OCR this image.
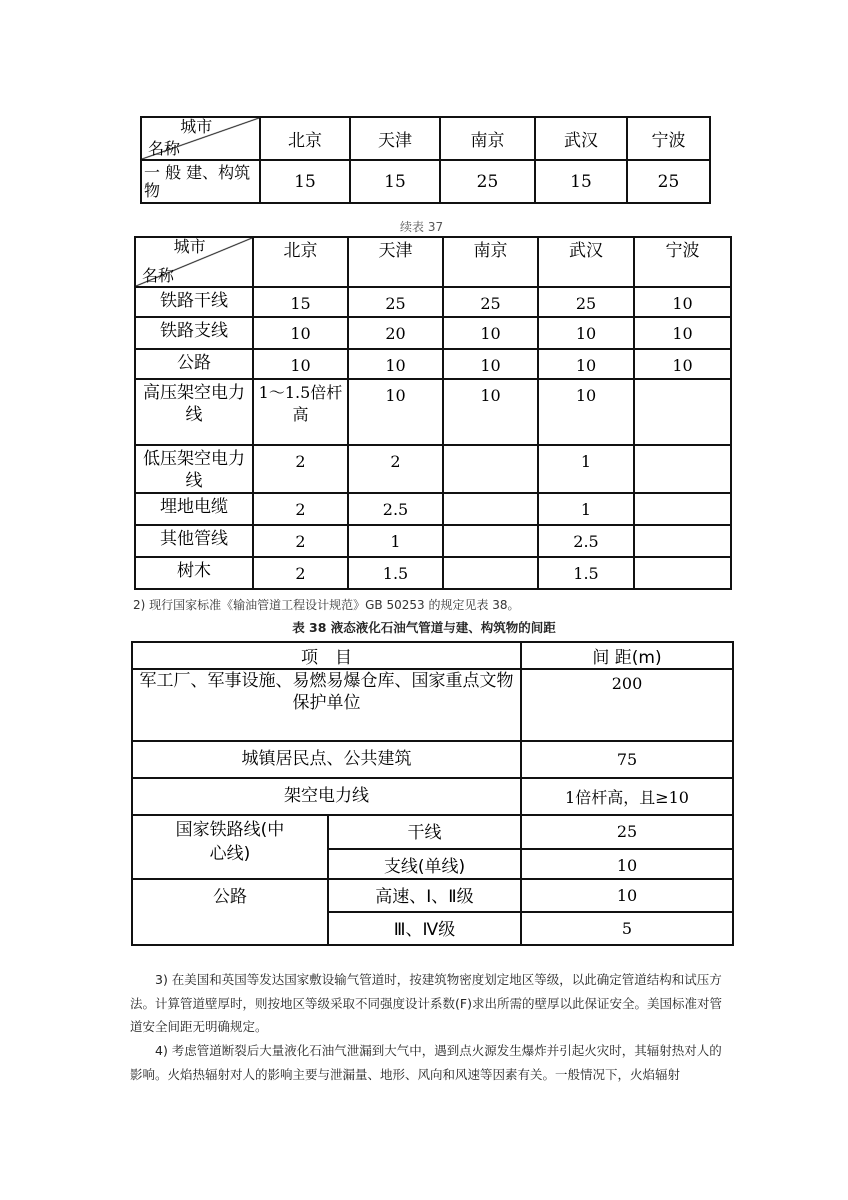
城市
名称	北京	天津	南京	武汉	宁波
一 般 建、构筑物	15	15	25	15	25
续表 37
城市
名称	北京	天津	南京	武汉	宁波
铁路干线	15	25	25	25	10
铁路支线	10	20	10	10	10
公路	10	10	10	10	10
高压架空电力线	1～1.5倍杆高	10	10	10	
低压架空电力线	2	2		1	
埋地电缆	2	2.5		1	
其他管线	2	1		2.5	
树木	2	1.5		1.5	
2) 现行国家标准《输油管道工程设计规范》GB 50253 的规定见表 38。
表 38 液态液化石油气管道与建、构筑物的间距
项　目		间 距(m)
军工厂、军事设施、易燃易爆仓库、国家重点文物保护单位		200
城镇居民点、公共建筑		75
架空电力线		1倍杆高，且≥10
国家铁路线(中心线)	干线	25
	支线(单线)	10
公路	高速、Ⅰ、Ⅱ级	10
	Ⅲ、Ⅳ级	5
3) 在美国和英国等发达国家敷设输气管道时，按建筑物密度划定地区等级，以此确定管道结构和试压方法。计算管道壁厚时，则按地区等级采取不同强度设计系数(F)求出所需的壁厚以此保证安全。美国标准对管道安全间距无明确规定。
4) 考虑管道断裂后大量液化石油气泄漏到大气中，遇到点火源发生爆炸并引起火灾时，其辐射热对人的影响。火焰热辐射对人的影响主要与泄漏量、地形、风向和风速等因素有关。一般情况下，火焰辐射
